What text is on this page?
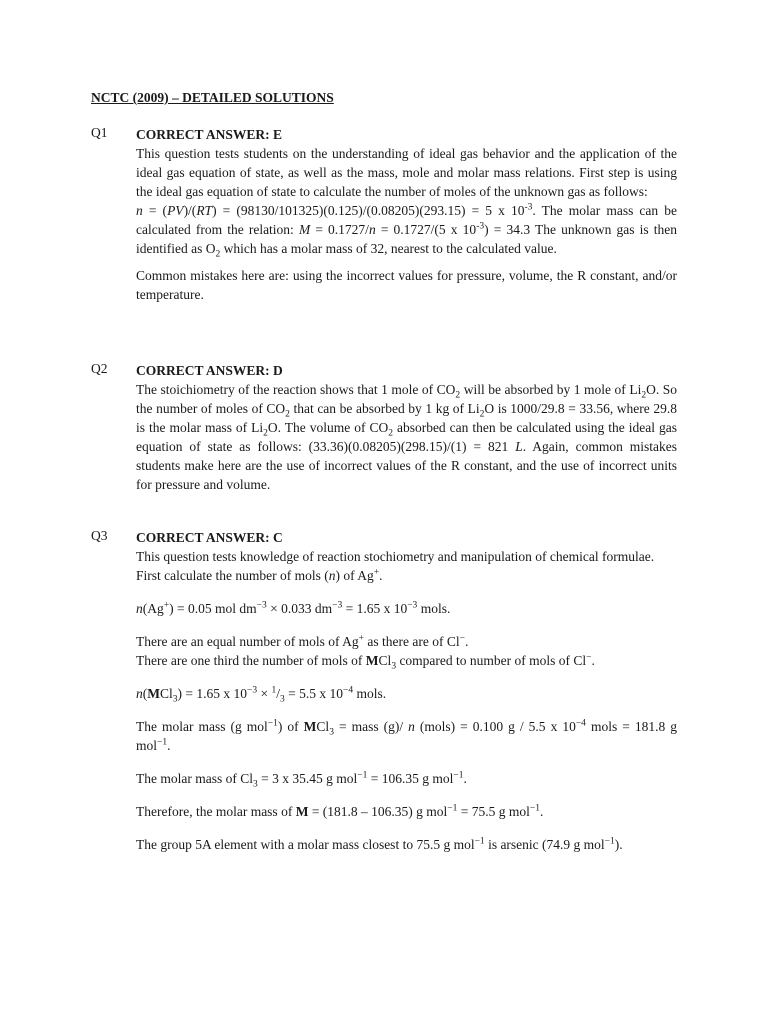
NCTC (2009) – DETAILED SOLUTIONS
Q1 CORRECT ANSWER: E

This question tests students on the understanding of ideal gas behavior and the application of the ideal gas equation of state, as well as the mass, mole and molar mass relations. First step is using the ideal gas equation of state to calculate the number of moles of the unknown gas as follows:
n = (PV)/(RT) = (98130/101325)(0.125)/(0.08205)(293.15) = 5 x $10^{-3}$. The molar mass can be calculated from the relation: M = 0.1727/n = 0.1727/(5 x $10^{-3}) = 34.3$ The unknown gas is then identified as $O_2$ which has a molar mass of 32, nearest to the calculated value.

Common mistakes here are: using the incorrect values for pressure, volume, the R constant, and/or temperature.

Q2 CORRECT ANSWER: D

The stoichiometry of the reaction shows that 1 mole of $CO_2$ will be absorbed by 1 mole of $Li_2O$. So the number of moles of $CO_2$ that can be absorbed by 1 kg of $Li_2O$ is 1000/29.8 = 33.56, where 29.8 is the molar mass of $Li_2O$. The volume of $CO_2$ absorbed can then be calculated using the ideal gas equation of state as follows: (33.36)(0.08205)(298.15)/(1) = 821 L. Again, common mistakes students make here are the use of incorrect values of the R constant, and the use of incorrect units for pressure and volume.

Q3 CORRECT ANSWER: C

This question tests knowledge of reaction stochiometry and manipulation of chemical formulae.

First calculate the number of mols (n) of Ag+.

n(Ag+) = 0.05 mol $dm^{-3} \times 0.033$ $dm^{-3} = 1.65$ x $10^{-3}$ mols.

There are an equal number of mols of Ag+ as there are of Cl−.

There are one third the number of mols of MCl$_3$ compared to number of mols of Cl−.

n(MCl$_3$) = 1.65 x $10^{-3} \times ^1/_3 = 5.5$ x $10^{-4}$ mols.

The molar mass (g mol$^{-1}$) of MCl$_3$ = mass (g)/ n (mols) = 0.100 g / 5.5 x $10^{-4}$ mols = 181.8 g mol$^{-1}$.

The molar mass of $Cl_3 = 3$ x 35.45 g mol$^{-1}$ = 106.35 g mol$^{-1}$.

Therefore, the molar mass of M = (181.8 – 106.35) g mol$^{-1}$ = 75.5 g mol$^{-1}$.

The group 5A element with a molar mass closest to 75.5 g mol$^{-1}$ is arsenic (74.9 g mol$^{-1}$).
